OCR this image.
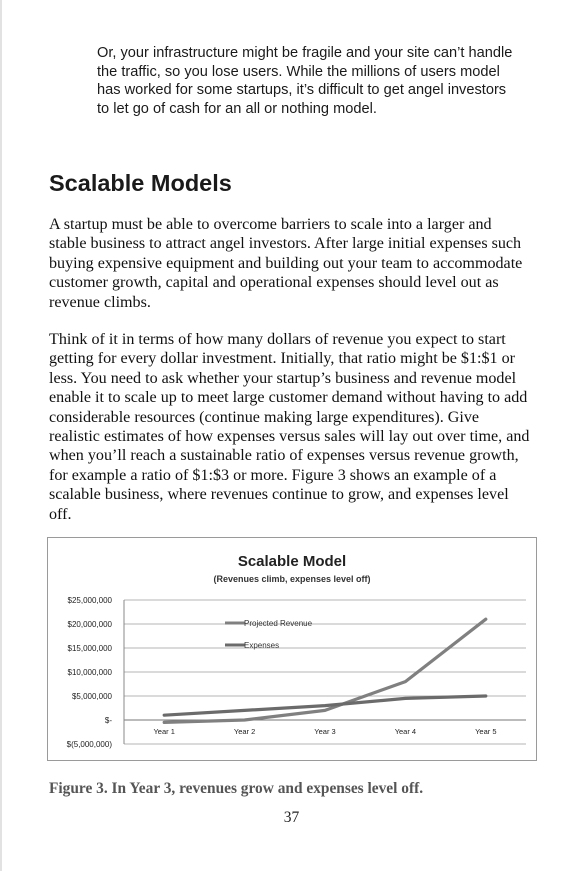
Or, your infrastructure might be fragile and your site can’t handle the traffic, so you lose users. While the millions of users model has worked for some startups, it’s difficult to get angel investors to let go of cash for an all or nothing model.

Scalable Models

A startup must be able to overcome barriers to scale into a larger and stable business to attract angel investors. After large initial expenses such buying expensive equipment and building out your team to accommodate customer growth, capital and operational expenses should level out as revenue climbs.

Think of it in terms of how many dollars of revenue you expect to start getting for every dollar investment. Initially, that ratio might be $1:$1 or less. You need to ask whether your startup’s business and revenue model enable it to scale up to meet large customer demand without having to add considerable resources (continue making large expenditures). Give realistic estimates of how expenses versus sales will lay out over time, and when you’ll reach a sustainable ratio of expenses versus revenue growth, for example a ratio of $1:$3 or more. Figure 3 shows an example of a scalable business, where revenues continue to grow, and expenses level off.

Scalable Model
(Revenues climb, expenses level off)
$25,000,000
$20,000,000
$15,000,000
$10,000,000
$5,000,000
$-
$(5,000,000)
Year 1	Year 2	Year 3	Year 4	Year 5
Projected Revenue
Expenses

Figure 3. In Year 3, revenues grow and expenses level off.

37
